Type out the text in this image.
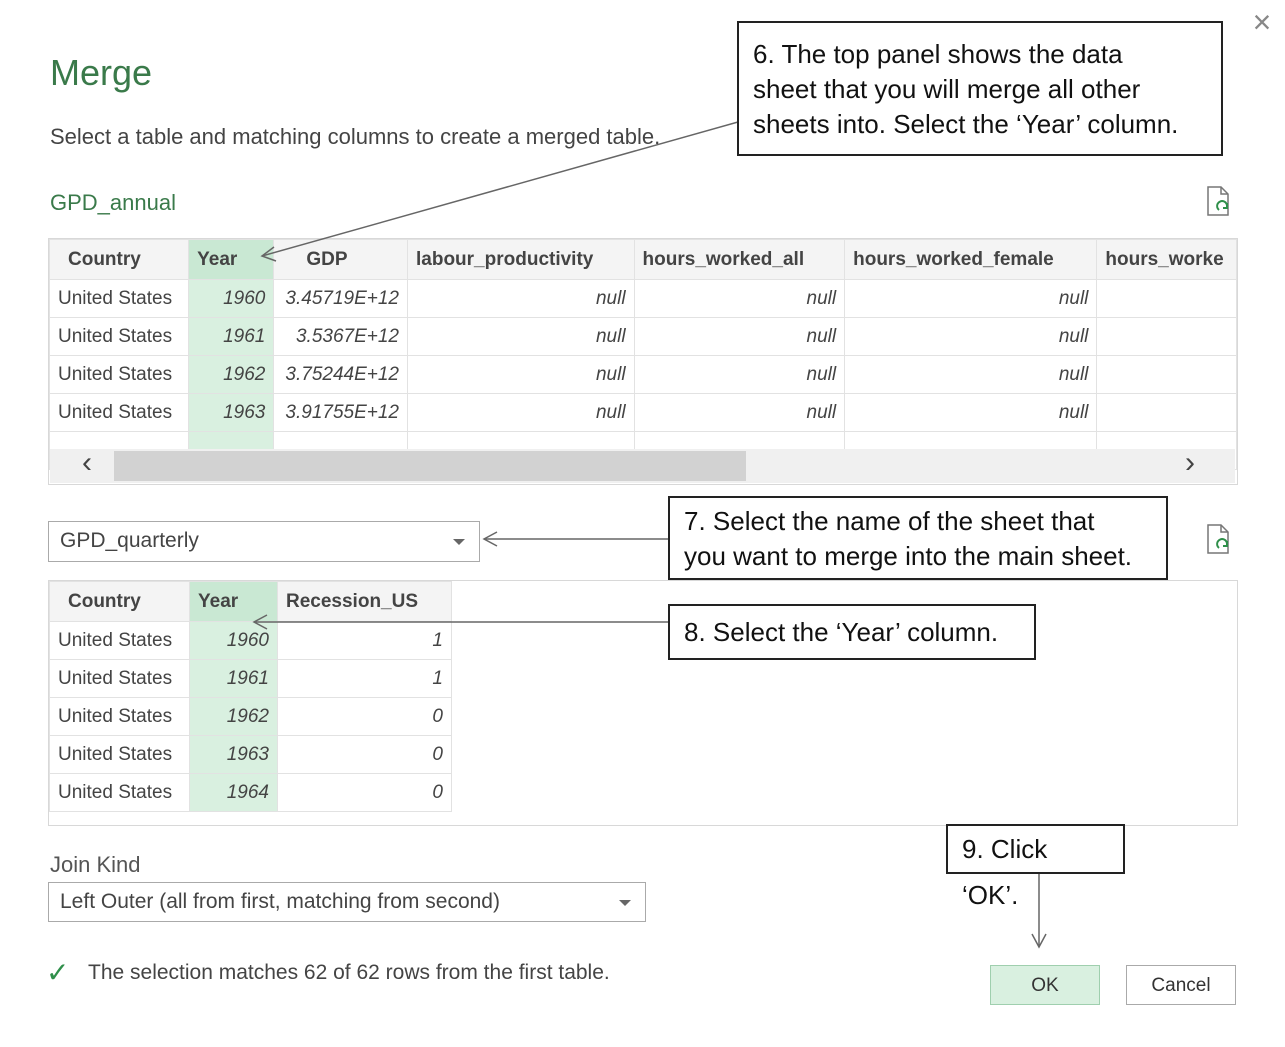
Merge
Select a table and matching columns to create a merged table.
×
GPD_annual
Country	Year	GDP	labour_productivity	hours_worked_all	hours_worked_female	hours_worke
United States	1960	3.45719E+12	null	null	null	
United States	1961	3.5367E+12	null	null	null	
United States	1962	3.75244E+12	null	null	null	
United States	1963	3.91755E+12	null	null	null	

‹	›
GPD_quarterly
Country	Year	Recession_US
United States	1960	1
United States	1961	1
United States	1962	0
United States	1963	0
United States	1964	0
Join Kind
Left Outer (all from first, matching from second)
✓ The selection matches 62 of 62 rows from the first table.
OK	Cancel
6. The top panel shows the data
sheet that you will merge all other
sheets into. Select the ‘Year’ column.
7. Select the name of the sheet that
you want to merge into the main sheet.
8. Select the ‘Year’ column.
9. Click ‘OK’.
